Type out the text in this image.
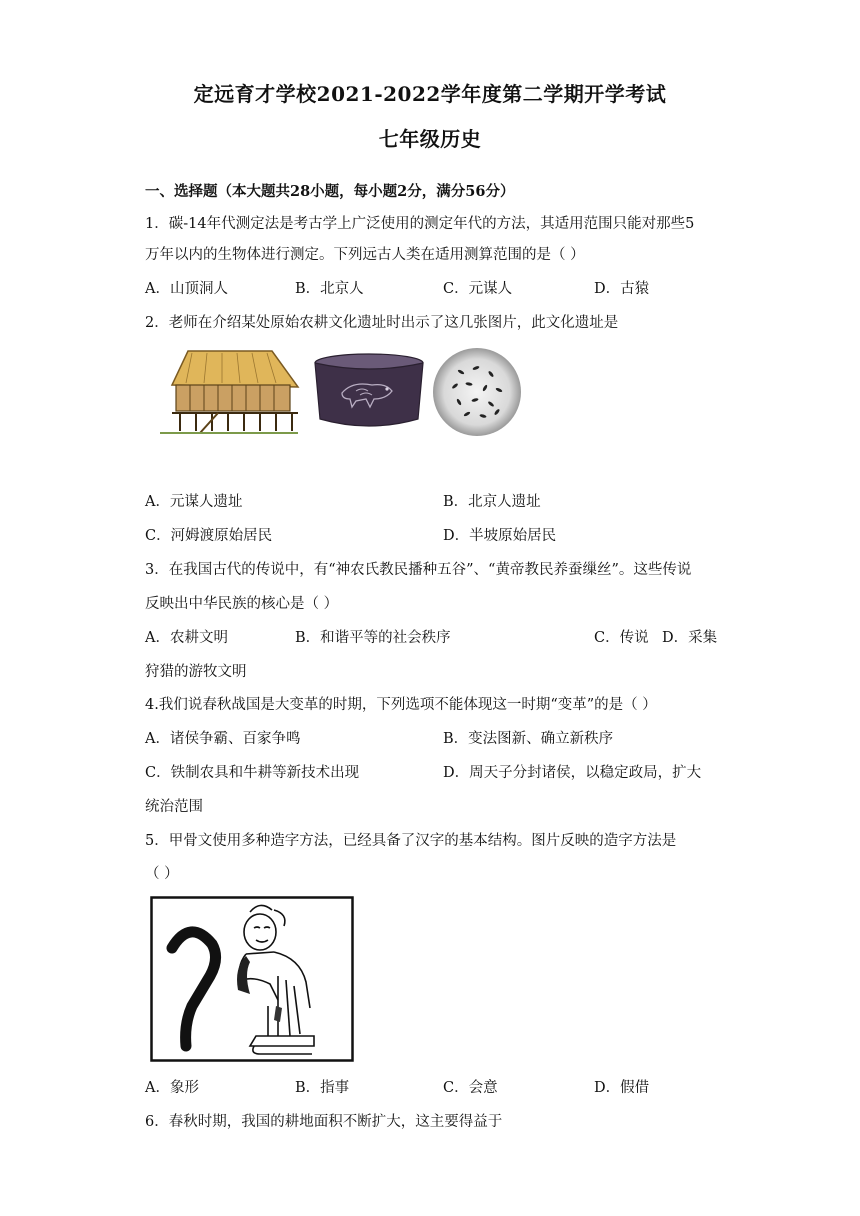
定远育才学校2021-2022学年度第二学期开学考试
七年级历史
一、选择题（本大题共28小题，每小题2分，满分56分）
1．碳-14年代测定法是考古学上广泛使用的测定年代的方法，其适用范围只能对那些5
万年以内的生物体进行测定。下列远古人类在适用测算范围的是（ ）
A．山顶洞人	B．北京人	C．元谋人	D．古猿
2．老师在介绍某处原始农耕文化遗址时出示了这几张图片，此文化遗址是
A．元谋人遗址	B．北京人遗址
C．河姆渡原始居民	D．半坡原始居民
3．在我国古代的传说中，有“神农氏教民播种五谷”、“黄帝教民养蚕缫丝”。这些传说
反映出中华民族的核心是（ ）
A．农耕文明	B．和谐平等的社会秩序	C．传说 D．采集
狩猎的游牧文明
4.我们说春秋战国是大变革的时期，下列选项不能体现这一时期“变革”的是（ ）
A．诸侯争霸、百家争鸣	B．变法图新、确立新秩序
C．铁制农具和牛耕等新技术出现	D．周天子分封诸侯，以稳定政局，扩大
统治范围
5．甲骨文使用多种造字方法，已经具备了汉字的基本结构。图片反映的造字方法是
（ ）
A．象形	B．指事	C．会意	D．假借
6．春秋时期，我国的耕地面积不断扩大，这主要得益于
